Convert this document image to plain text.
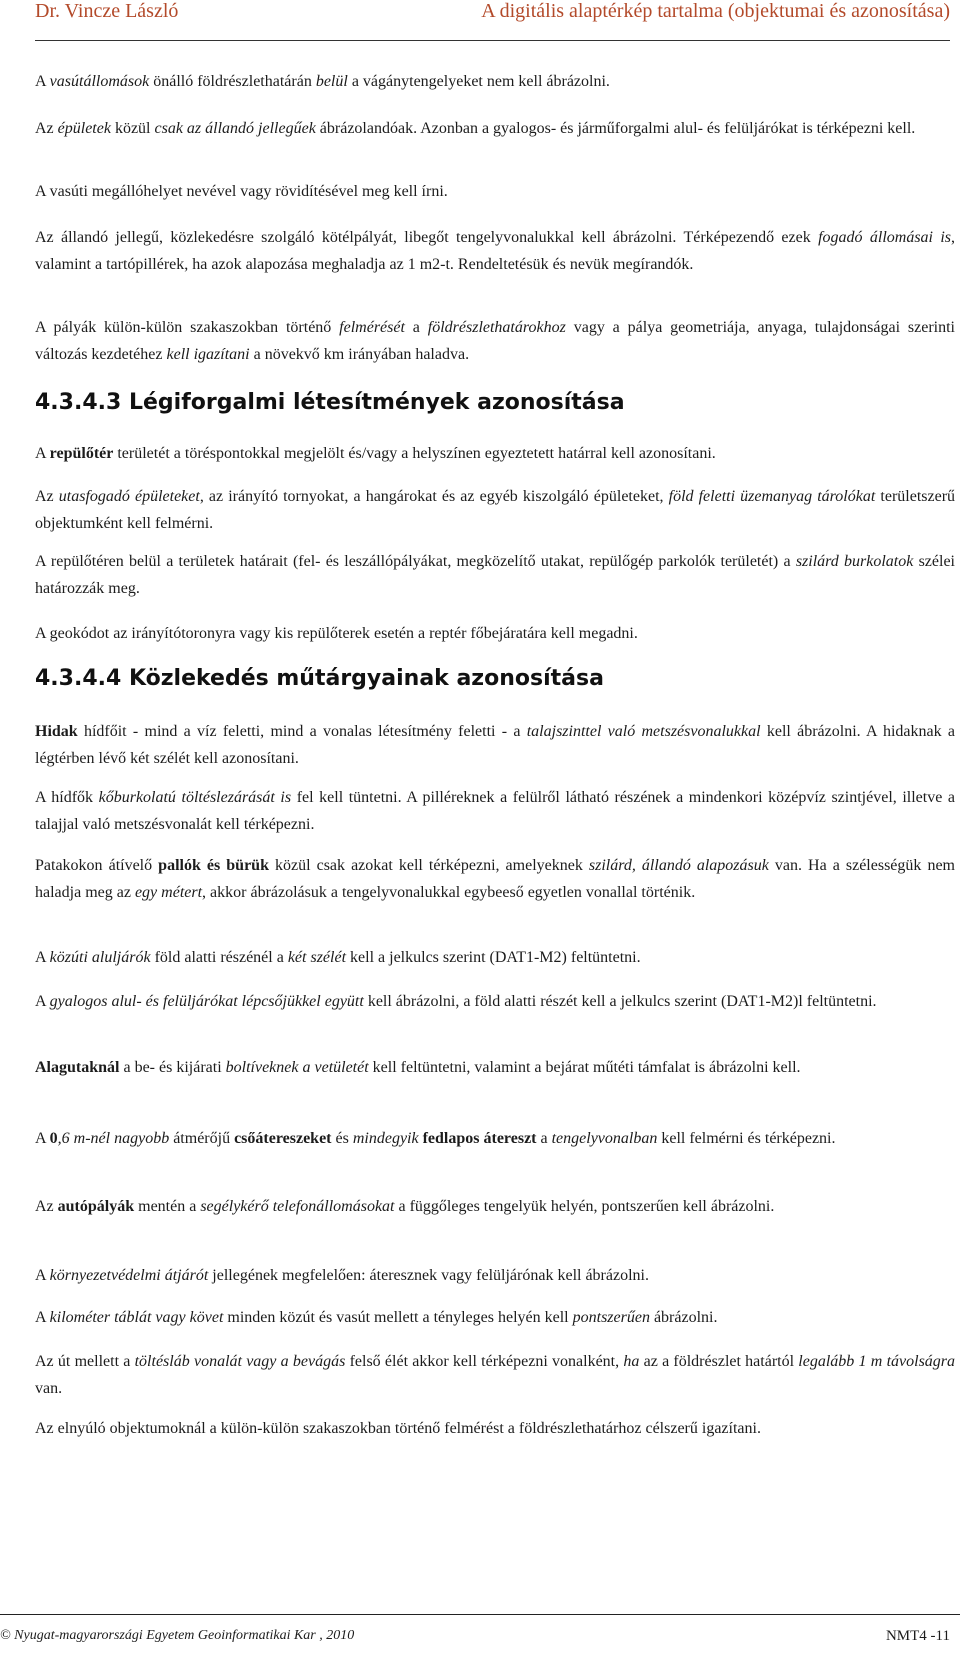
Dr. Vincze László	A digitális alaptérkép tartalma (objektumai és azonosítása)

A vasútállomások önálló földrészlethatárán belül a vágánytengelyeket nem kell ábrázolni.

Az épületek közül csak az állandó jellegűek ábrázolandóak. Azonban a gyalogos- és járműforgalmi alul- és felüljárókat is térképezni kell.

A vasúti megállóhelyet nevével vagy rövidítésével meg kell írni.

Az állandó jellegű, közlekedésre szolgáló kötélpályát, libegőt tengelyvonalukkal kell ábrázolni. Térképezendő ezek fogadó állomásai is, valamint a tartópillérek, ha azok alapozása meghaladja az 1 m2-t. Rendeltetésük és nevük megírandók.

A pályák külön-külön szakaszokban történő felmérését a földrészlethatárokhoz vagy a pálya geometriája, anyaga, tulajdonságai szerinti változás kezdetéhez kell igazítani a növekvő km irányában haladva.

4.3.4.3 Légiforgalmi létesítmények azonosítása

A repülőtér területét a töréspontokkal megjelölt és/vagy a helyszínen egyeztetett határral kell azonosítani.

Az utasfogadó épületeket, az irányító tornyokat, a hangárokat és az egyéb kiszolgáló épületeket, föld feletti üzemanyag tárolókat területszerű objektumként kell felmérni.

A repülőtéren belül a területek határait (fel- és leszállópályákat, megközelítő utakat, repülőgép parkolók területét) a szilárd burkolatok szélei határozzák meg.

A geokódot az irányítótoronyra vagy kis repülőterek esetén a reptér főbejáratára kell megadni.

4.3.4.4 Közlekedés műtárgyainak azonosítása

Hidak hídfőit - mind a víz feletti, mind a vonalas létesítmény feletti - a talajszinttel való metszésvonalukkal kell ábrázolni. A hidaknak a légtérben lévő két szélét kell azonosítani.

A hídfők kőburkolatú töltéslezárását is fel kell tüntetni. A pilléreknek a felülről látható részének a mindenkori középvíz szintjével, illetve a talajjal való metszésvonalát kell térképezni.

Patakokon átívelő pallók és bürük közül csak azokat kell térképezni, amelyeknek szilárd, állandó alapozásuk van. Ha a szélességük nem haladja meg az egy métert, akkor ábrázolásuk a tengelyvonalukkal egybeeső egyetlen vonallal történik.

A közúti aluljárók föld alatti részénél a két szélét kell a jelkulcs szerint (DAT1-M2) feltüntetni.

A gyalogos alul- és felüljárókat lépcsőjükkel együtt kell ábrázolni, a föld alatti részét kell a jelkulcs szerint (DAT1-M2)l feltüntetni.

Alagutaknál a be- és kijárati boltíveknek a vetületét kell feltüntetni, valamint a bejárat műtéti támfalat is ábrázolni kell.

A 0,6 m-nél nagyobb átmérőjű csőátereszeket és mindegyik fedlapos átereszt a tengelyvonalban kell felmérni és térképezni.

Az autópályák mentén a segélykérő telefonállomásokat a függőleges tengelyük helyén, pontszerűen kell ábrázolni.

A környezetvédelmi átjárót jellegének megfelelően: áteresznek vagy felüljárónak kell ábrázolni.

A kilométer táblát vagy követ minden közút és vasút mellett a tényleges helyén kell pontszerűen ábrázolni.

Az út mellett a töltésláb vonalát vagy a bevágás felső élét akkor kell térképezni vonalként, ha az a földrészlet határtól legalább 1 m távolságra van.

Az elnyúló objektumoknál a külön-külön szakaszokban történő felmérést a földrészlethatárhoz célszerű igazítani.

© Nyugat-magyarországi Egyetem Geoinformatikai Kar , 2010	NMT4 -11
